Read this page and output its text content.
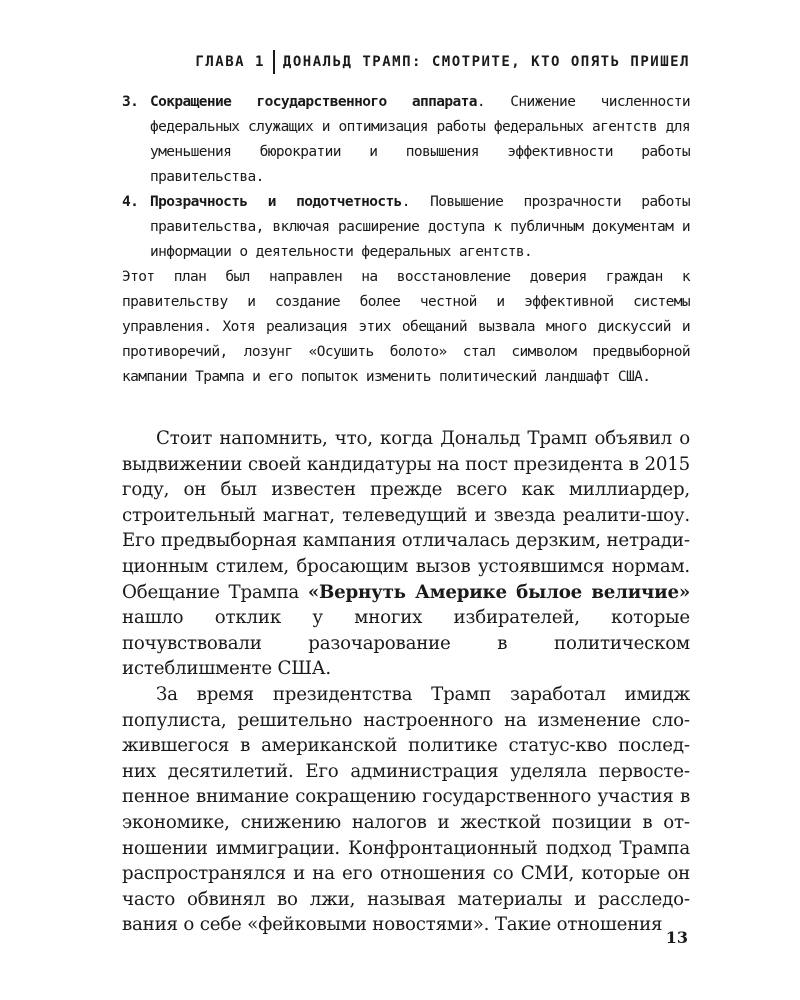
ГЛАВА 1 ДОНАЛЬД ТРАМП: СМОТРИТЕ, КТО ОПЯТЬ ПРИШЕЛ
3. Сокращение государственного аппарата. Снижение численности федеральных служащих и оптимизация работы федеральных агентств для уменьшения бюрократии и повышения эффективности работы правительства.
4. Прозрачность и подотчетность. Повышение прозрачности работы правительства, включая расширение доступа к публичным документам и информации о деятельности федеральных агентств.

Этот план был направлен на восстановление доверия граждан к правительству и создание более честной и эффективной системы управления. Хотя реализация этих обещаний вызвала много дискуссий и противоречий, лозунг «Осушить болото» стал символом предвыборной кампании Трампа и его попыток изменить политический ландшафт США.

Стоит напомнить, что, когда Дональд Трамп объявил о выдвижении своей кандидатуры на пост президента в 2015 году, он был известен прежде всего как миллиардер, строительный магнат, телеведущий и звезда реалити-шоу. Его предвыборная кампания отличалась дерзким, нетрадиционным стилем, бросающим вызов устоявшимся нормам. Обещание Трампа «Вернуть Америке былое величие» нашло отклик у многих избирателей, которые почувствовали разочарование в политическом истеблишменте США.

За время президентства Трамп заработал имидж популиста, решительно настроенного на изменение сложившегося в американской политике статус-кво последних десятилетий. Его администрация уделяла первостепенное внимание сокращению государственного участия в экономике, снижению налогов и жесткой позиции в отношении иммиграции. Конфронтационный подход Трампа распространялся и на его отношения со СМИ, которые он часто обвинял во лжи, называя материалы и расследования о себе «фейковыми новостями». Такие отношения

13
